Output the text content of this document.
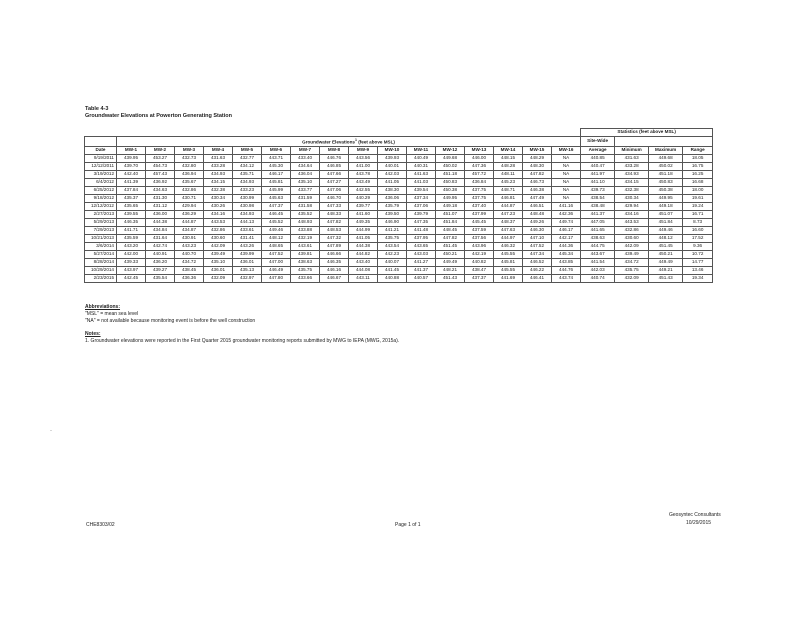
Table 4-3
Groundwater Elevations at Powerton Generating Station
																	Statistics (feet above MSL)			
	Groundwater Elevations$^1$ (feet above MSL)																Site-Wide			
Date	MW-1	MW-2	MW-3	MW-4	MW-5	MW-6	MW-7	MW-8	MW-9	MW-10	MW-11	MW-12	MW-13	MW-14	MW-15	MW-16	Average	Minimum	Maximum	Range
9/19/2011	439.95	453.27	432.73	431.63	432.77	443.71	433.40	446.76	443.56	439.93	440.49	449.68	446.00	448.15	448.29	NA	440.85	431.63	449.68	18.05
12/12/2011	439.70	454.73	432.80	433.28	434.12	445.30	434.64	446.85	441.00	440.01	440.31	450.02	447.36	448.28	448.30	NA	440.47	433.28	450.02	16.75
3/19/2012	442.40	457.43	436.94	434.93	435.71	446.17	436.04	447.66	443.78	442.03	441.63	451.18	457.72	448.11	447.82	NA	441.97	434.93	451.18	16.25
6/4/2012	441.39	436.92	435.67	434.15	434.93	445.81	435.10	447.27	443.49	441.05	441.03	450.83	436.84	445.23	446.73	NA	441.10	434.15	450.83	16.68
6/25/2012	437.84	434.63	432.86	432.38	433.23	445.99	433.77	447.06	442.55	438.30	439.54	450.38	437.75	448.71	446.38	NA	439.73	432.38	450.38	18.00
9/18/2012	435.37	431.30	430.71	430.34	430.99	445.63	431.59	446.70	440.29	436.06	437.34	449.95	437.75	446.81	447.49	NA	438.54	430.34	449.95	19.61
12/12/2012	435.65	431.12	429.94	430.26	430.98	447.37	431.58	447.33	439.77	435.79	437.06	449.18	437.40	444.87	446.51	441.16	438.48	429.94	449.18	19.24
2/27/2013	439.55	436.00	436.29	434.16	434.93	446.45	435.52	448.33	441.60	439.50	439.79	451.07	437.99	447.23	448.48	442.36	441.37	434.16	451.07	16.71
5/29/2013	446.35	444.38	444.87	443.53	444.13	445.52	448.93	447.82	449.35	446.90	447.35	451.84	445.45	448.37	449.26	449.74	447.05	443.53	451.84	8.73
7/29/2013	441.71	434.84	434.87	432.86	433.61	449.46	433.88	448.53	444.99	441.21	441.48	448.45	437.59	447.63	446.30	446.17	441.65	432.86	449.46	16.60
10/21/2013	435.59	431.64	430.91	430.60	431.41	448.12	432.19	447.32	441.05	435.75	437.95	447.82	437.56	444.97	447.10	442.17	438.63	430.60	448.12	17.52
3/6/2014	443.20	442.74	443.23	442.09	443.26	448.65	443.61	447.89	444.38	443.54	443.65	451.45	443.96	446.32	447.52	444.36	444.75	442.09	451.45	9.36
5/27/2014	442.00	440.91	440.70	439.49	439.99	447.52	439.81	446.66	444.82	442.23	443.03	450.21	442.19	445.55	447.34	445.34	443.67	439.49	450.21	10.72
8/28/2014	439.33	436.20	434.72	435.10	436.01	447.00	438.63	446.35	443.40	440.07	441.27	449.49	440.82	445.81	446.52	443.85	441.54	434.72	449.49	14.77
10/29/2014	443.97	439.27	438.45	436.01	435.13	446.49	435.75	446.16	444.08	441.45	441.37	448.21	438.47	445.55	446.22	444.76	442.03	435.75	449.21	13.46
2/23/2015	442.45	435.54	436.36	432.09	432.97	447.80	433.66	446.67	443.11	440.88	440.57	451.43	437.37	441.69	446.41	443.74	440.74	432.09	451.43	19.34
Abbreviations:
"MSL" = mean sea level
"NA" = not available because monitoring event is before the well construction
Notes:
1. Groundwater elevations were reported in the First Quarter 2015 groundwater monitoring reports submitted by MWG to IEPA (MWG, 2015a).
-
CHE8303/02	Page 1 of 1
Geosyntec Consultants
10/29/2015
